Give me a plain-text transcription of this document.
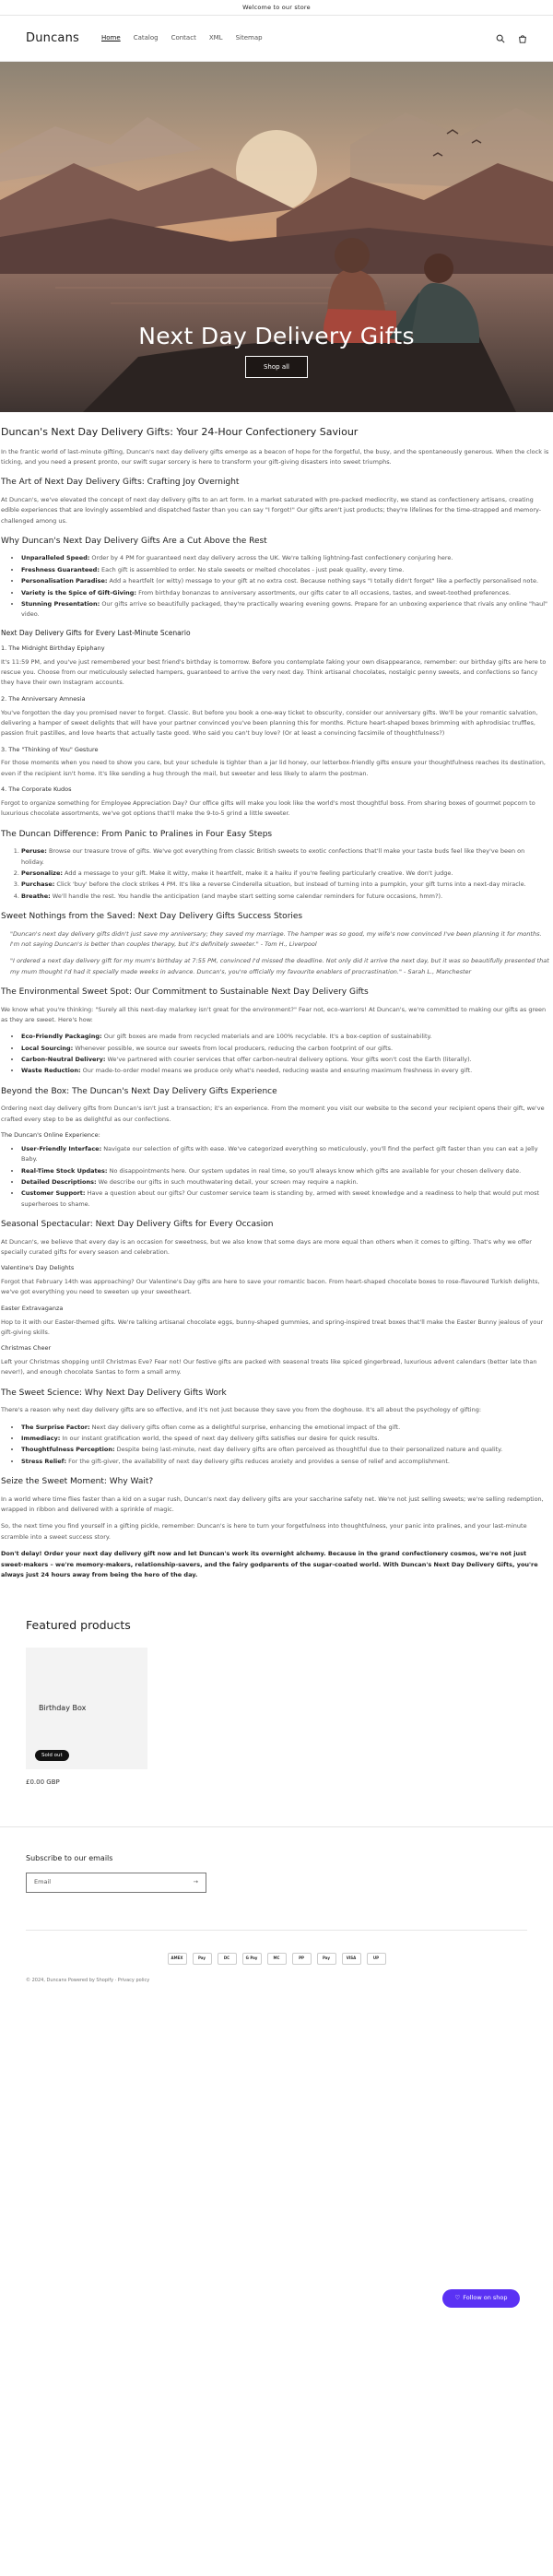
Welcome to our store
Duncans	Home Catalog Contact XML Sitemap
Next Day Delivery Gifts
Shop all
Duncan's Next Day Delivery Gifts: Your 24-Hour Confectionery Saviour

In the frantic world of last-minute gifting, Duncan's next day delivery gifts emerge as a beacon of hope for the forgetful, the busy, and the spontaneously generous. When the clock is ticking, and you need a present pronto, our swift sugar sorcery is here to transform your gift-giving disasters into sweet triumphs.

The Art of Next Day Delivery Gifts: Crafting Joy Overnight

At Duncan's, we've elevated the concept of next day delivery gifts to an art form. In a market saturated with pre-packed mediocrity, we stand as confectionery artisans, creating edible experiences that are lovingly assembled and dispatched faster than you can say "I forgot!" Our gifts aren't just products; they're lifelines for the time-strapped and memory-challenged among us.

Why Duncan's Next Day Delivery Gifts Are a Cut Above the Rest
• Unparalleled Speed: Order by 4 PM for guaranteed next day delivery across the UK. We're talking lightning-fast confectionery conjuring here.
• Freshness Guaranteed: Each gift is assembled to order. No stale sweets or melted chocolates - just peak quality, every time.
• Personalisation Paradise: Add a heartfelt (or witty) message to your gift at no extra cost. Because nothing says "I totally didn't forget" like a perfectly personalised note.
• Variety is the Spice of Gift-Giving: From birthday bonanzas to anniversary assortments, our gifts cater to all occasions, tastes, and sweet-toothed preferences.
• Stunning Presentation: Our gifts arrive so beautifully packaged, they're practically wearing evening gowns. Prepare for an unboxing experience that rivals any online "haul" video.
Next Day Delivery Gifts for Every Last-Minute Scenario
1. The Midnight Birthday Epiphany

It's 11:59 PM, and you've just remembered your best friend's birthday is tomorrow. Before you contemplate faking your own disappearance, remember: our birthday gifts are here to rescue you. Choose from our meticulously selected hampers, guaranteed to arrive the very next day. Think artisanal chocolates, nostalgic penny sweets, and confections so fancy they have their own Instagram accounts.

2. The Anniversary Amnesia

You've forgotten the day you promised never to forget. Classic. But before you book a one-way ticket to obscurity, consider our anniversary gifts. We'll be your romantic salvation, delivering a hamper of sweet delights that will have your partner convinced you've been planning this for months. Picture heart-shaped boxes brimming with aphrodisiac truffles, passion fruit pastilles, and love hearts that actually taste good. Who said you can't buy love? (Or at least a convincing facsimile of thoughtfulness?)

3. The "Thinking of You" Gesture

For those moments when you need to show you care, but your schedule is tighter than a jar lid honey, our letterbox-friendly gifts ensure your thoughtfulness reaches its destination, even if the recipient isn't home. It's like sending a hug through the mail, but sweeter and less likely to alarm the postman.

4. The Corporate Kudos

Forgot to organize something for Employee Appreciation Day? Our office gifts will make you look like the world's most thoughtful boss. From sharing boxes of gourmet popcorn to luxurious chocolate assortments, we've got options that'll make the 9-to-5 grind a little sweeter.

The Duncan Difference: From Panic to Pralines in Four Easy Steps
1. Peruse: Browse our treasure trove of gifts. We've got everything from classic British sweets to exotic confections that'll make your taste buds feel like they've been on holiday.
2. Personalize: Add a message to your gift. Make it witty, make it heartfelt, make it a haiku if you're feeling particularly creative. We don't judge.
3. Purchase: Click 'buy' before the clock strikes 4 PM. It's like a reverse Cinderella situation, but instead of turning into a pumpkin, your gift turns into a next-day miracle.
4. Breathe: We'll handle the rest. You handle the anticipation (and maybe start setting some calendar reminders for future occasions, hmm?).
Sweet Nothings from the Saved: Next Day Delivery Gifts Success Stories

"Duncan's next day delivery gifts didn't just save my anniversary; they saved my marriage. The hamper was so good, my wife's now convinced I've been planning it for months. I'm not saying Duncan's is better than couples therapy, but it's definitely sweeter." - Tom H., Liverpool

"I ordered a next day delivery gift for my mum's birthday at 7:55 PM, convinced I'd missed the deadline. Not only did it arrive the next day, but it was so beautifully presented that my mum thought I'd had it specially made weeks in advance. Duncan's, you're officially my favourite enablers of procrastination." - Sarah L., Manchester

The Environmental Sweet Spot: Our Commitment to Sustainable Next Day Delivery Gifts

We know what you're thinking: "Surely all this next-day malarkey isn't great for the environment?" Fear not, eco-warriors! At Duncan's, we're committed to making our gifts as green as they are sweet. Here's how:

• Eco-Friendly Packaging: Our gift boxes are made from recycled materials and are 100% recyclable. It's a box-ception of sustainability.
• Local Sourcing: Whenever possible, we source our sweets from local producers, reducing the carbon footprint of our gifts.
• Carbon-Neutral Delivery: We've partnered with courier services that offer carbon-neutral delivery options. Your gifts won't cost the Earth (literally).
• Waste Reduction: Our made-to-order model means we produce only what's needed, reducing waste and ensuring maximum freshness in every gift.
Beyond the Box: The Duncan's Next Day Delivery Gifts Experience

Ordering next day delivery gifts from Duncan's isn't just a transaction; it's an experience. From the moment you visit our website to the second your recipient opens their gift, we've crafted every step to be as delightful as our confections.

The Duncan's Online Experience:
• User-Friendly Interface: Navigate our selection of gifts with ease. We've categorized everything so meticulously, you'll find the perfect gift faster than you can eat a Jelly Baby.
• Real-Time Stock Updates: No disappointments here. Our system updates in real time, so you'll always know which gifts are available for your chosen delivery date.
• Detailed Descriptions: We describe our gifts in such mouthwatering detail, your screen may require a napkin.
• Customer Support: Have a question about our gifts? Our customer service team is standing by, armed with sweet knowledge and a readiness to help that would put most superheroes to shame.
Seasonal Spectacular: Next Day Delivery Gifts for Every Occasion

At Duncan's, we believe that every day is an occasion for sweetness, but we also know that some days are more equal than others when it comes to gifting. That's why we offer specially curated gifts for every season and celebration.

Valentine's Day Delights

Forgot that February 14th was approaching? Our Valentine's Day gifts are here to save your romantic bacon. From heart-shaped chocolate boxes to rose-flavoured Turkish delights, we've got everything you need to sweeten up your sweetheart.

Easter Extravaganza

Hop to it with our Easter-themed gifts. We're talking artisanal chocolate eggs, bunny-shaped gummies, and spring-inspired treat boxes that'll make the Easter Bunny jealous of your gift-giving skills.

Christmas Cheer

Left your Christmas shopping until Christmas Eve? Fear not! Our festive gifts are packed with seasonal treats like spiced gingerbread, luxurious advent calendars (better late than never!), and enough chocolate Santas to form a small army.

The Sweet Science: Why Next Day Delivery Gifts Work

There's a reason why next day delivery gifts are so effective, and it's not just because they save you from the doghouse. It's all about the psychology of gifting:

• The Surprise Factor: Next day delivery gifts often come as a delightful surprise, enhancing the emotional impact of the gift.
• Immediacy: In our instant gratification world, the speed of next day delivery gifts satisfies our desire for quick results.
• Thoughtfulness Perception: Despite being last-minute, next day delivery gifts are often perceived as thoughtful due to their personalized nature and quality.
• Stress Relief: For the gift-giver, the availability of next day delivery gifts reduces anxiety and provides a sense of relief and accomplishment.
Seize the Sweet Moment: Why Wait?

In a world where time flies faster than a kid on a sugar rush, Duncan's next day delivery gifts are your saccharine safety net. We're not just selling sweets; we're selling redemption, wrapped in ribbon and delivered with a sprinkle of magic.

So, the next time you find yourself in a gifting pickle, remember: Duncan's is here to turn your forgetfulness into thoughtfulness, your panic into pralines, and your last-minute scramble into a sweet success story.

Don't delay! Order your next day delivery gift now and let Duncan's work its overnight alchemy. Because in the grand confectionery cosmos, we're not just sweet-makers – we're memory-makers, relationship-savers, and the fairy godparents of the sugar-coated world. With Duncan's Next Day Delivery Gifts, you're always just 24 hours away from being the hero of the day.

Featured products
Birthday Box
Sold out
£0.00 GBP
Subscribe to our emails
Email	→
AMEX	Pay	DC	G Pay	MC	PP	Pay	VISA	UP
© 2024, Duncans Powered by Shopify · Privacy policy
♡ Follow on shop
